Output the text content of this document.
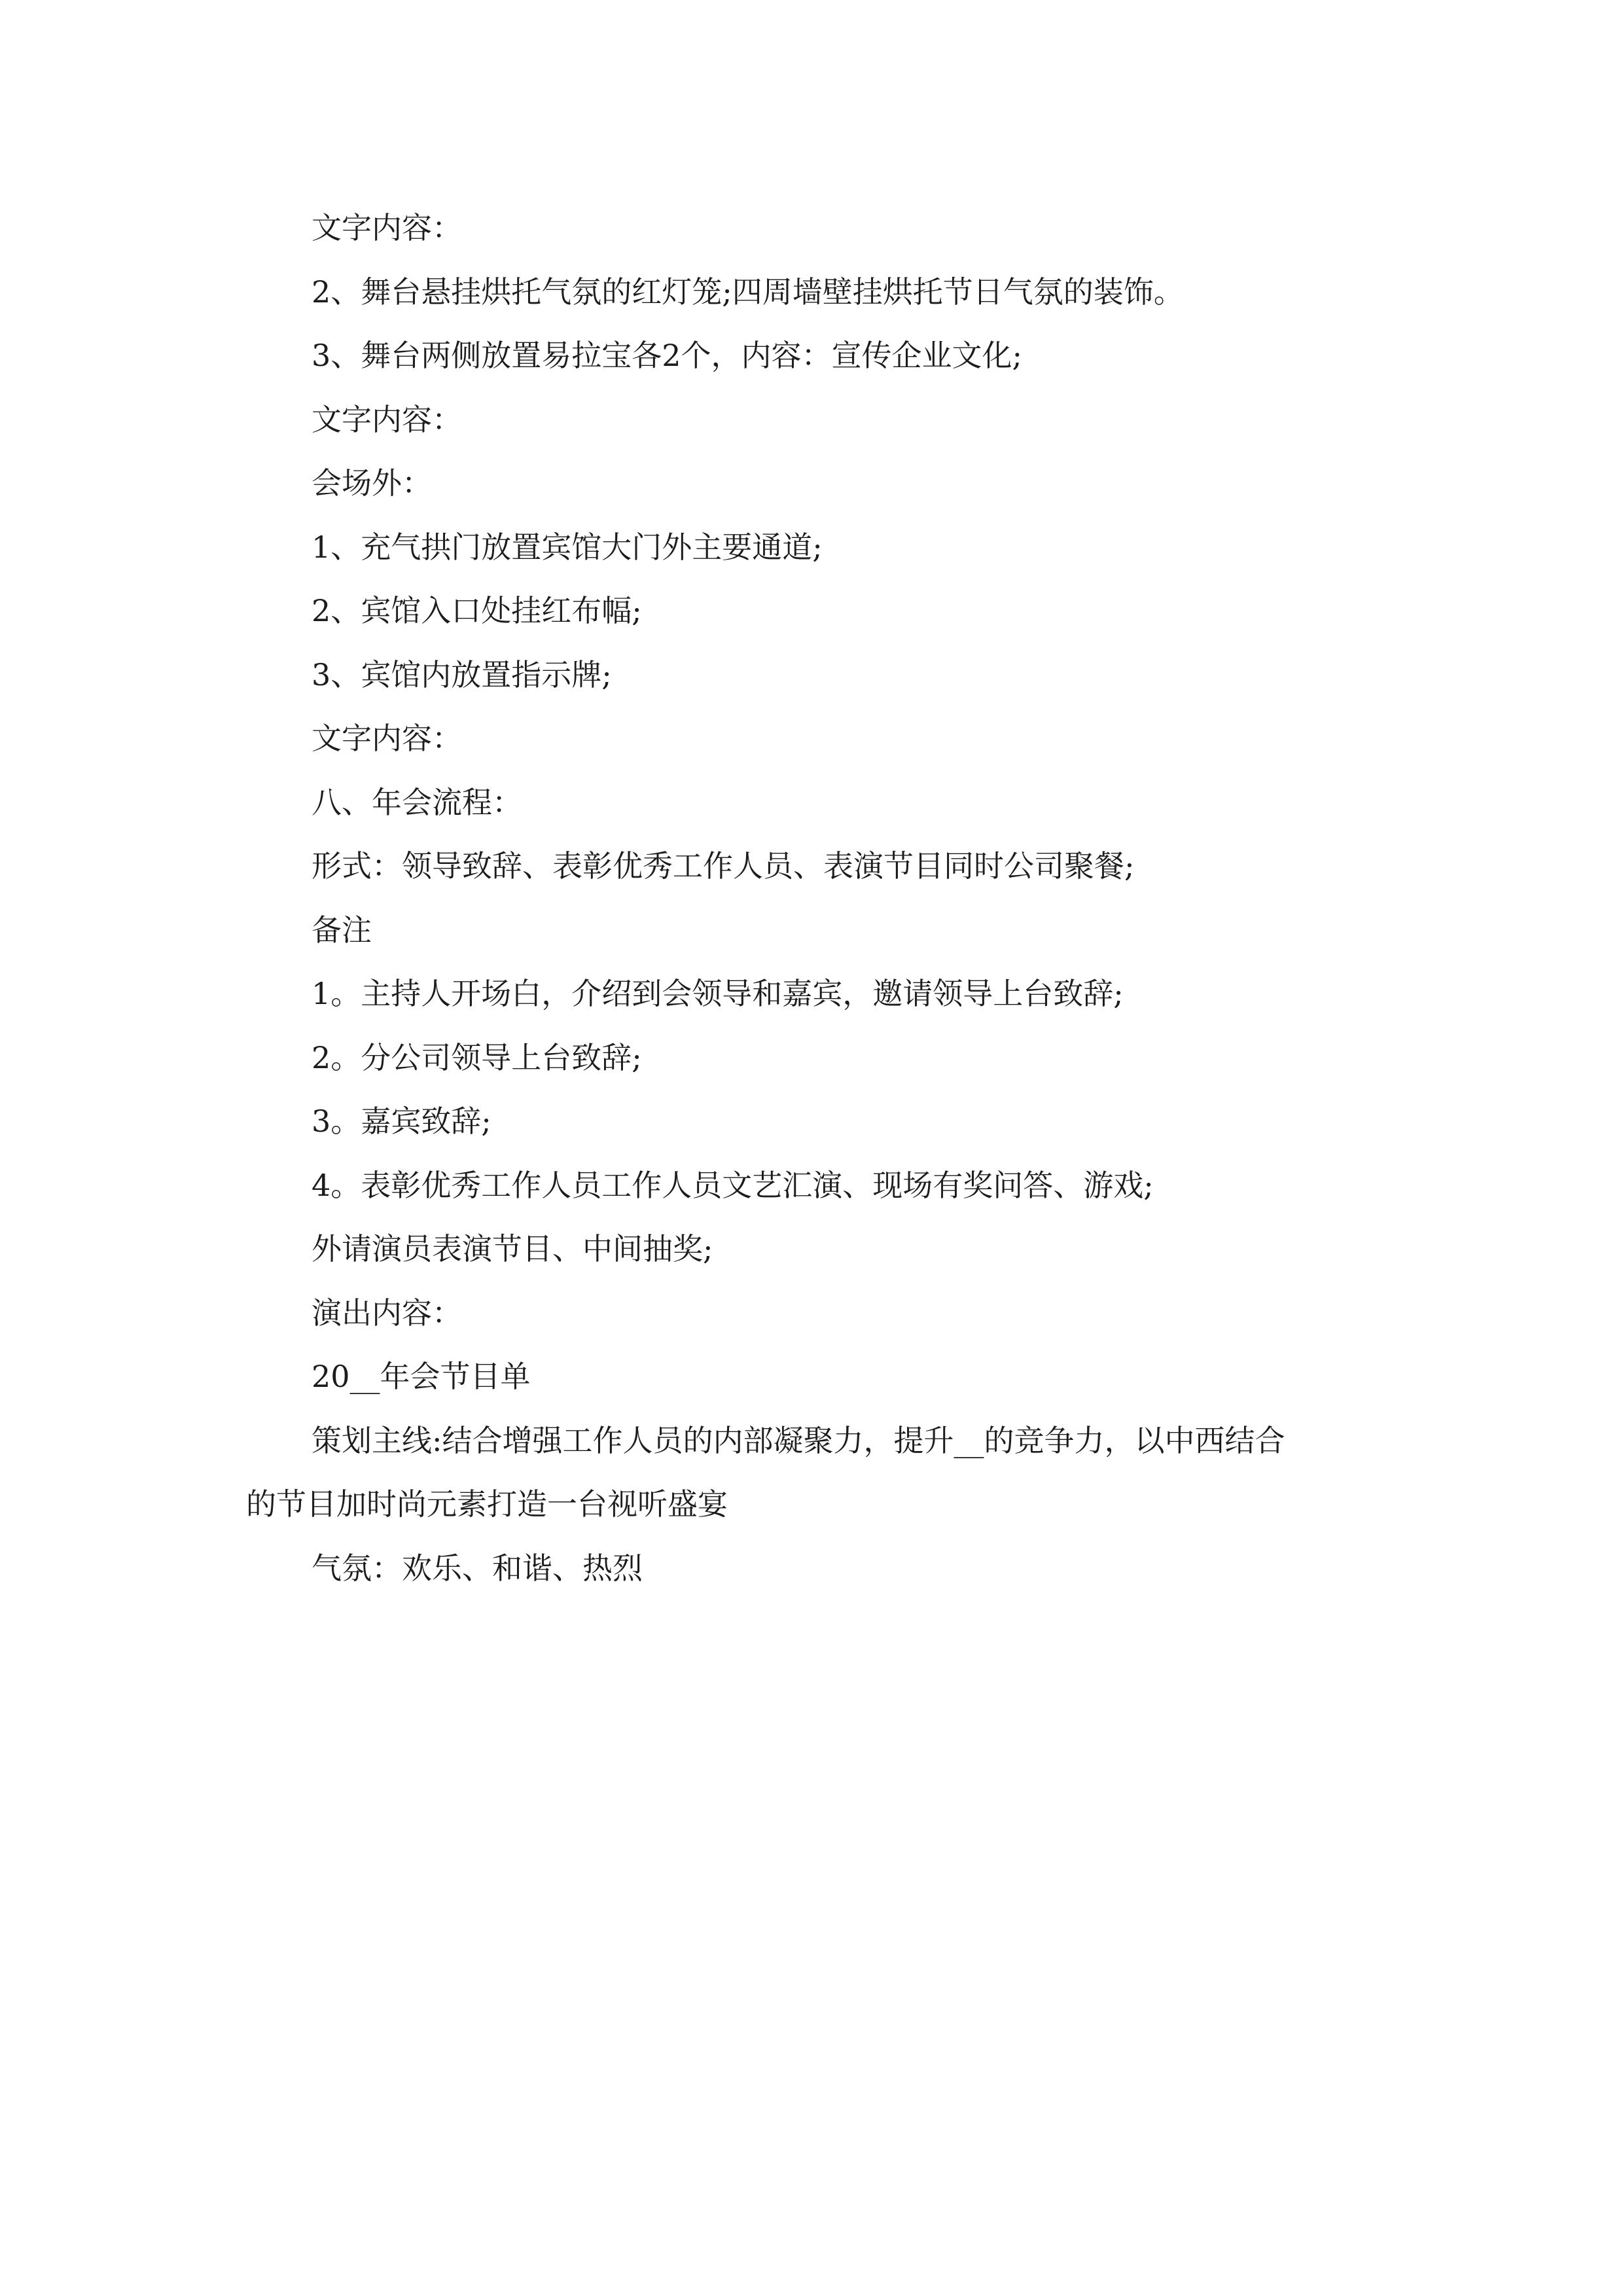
文字内容：

2、舞台悬挂烘托气氛的红灯笼;四周墙壁挂烘托节日气氛的装饰。

3、舞台两侧放置易拉宝各2个，内容：宣传企业文化;

文字内容：

会场外：

1、充气拱门放置宾馆大门外主要通道;

2、宾馆入口处挂红布幅;

3、宾馆内放置指示牌;

文字内容：

八、年会流程：

形式：领导致辞、表彰优秀工作人员、表演节目同时公司聚餐;

备注

1。主持人开场白，介绍到会领导和嘉宾，邀请领导上台致辞;

2。分公司领导上台致辞;

3。嘉宾致辞;

4。表彰优秀工作人员工作人员文艺汇演、现场有奖问答、游戏;

外请演员表演节目、中间抽奖;

演出内容：

20__年会节目单

策划主线:结合增强工作人员的内部凝聚力，提升__的竞争力，以中西结合
的节目加时尚元素打造一台视听盛宴

气氛：欢乐、和谐、热烈
